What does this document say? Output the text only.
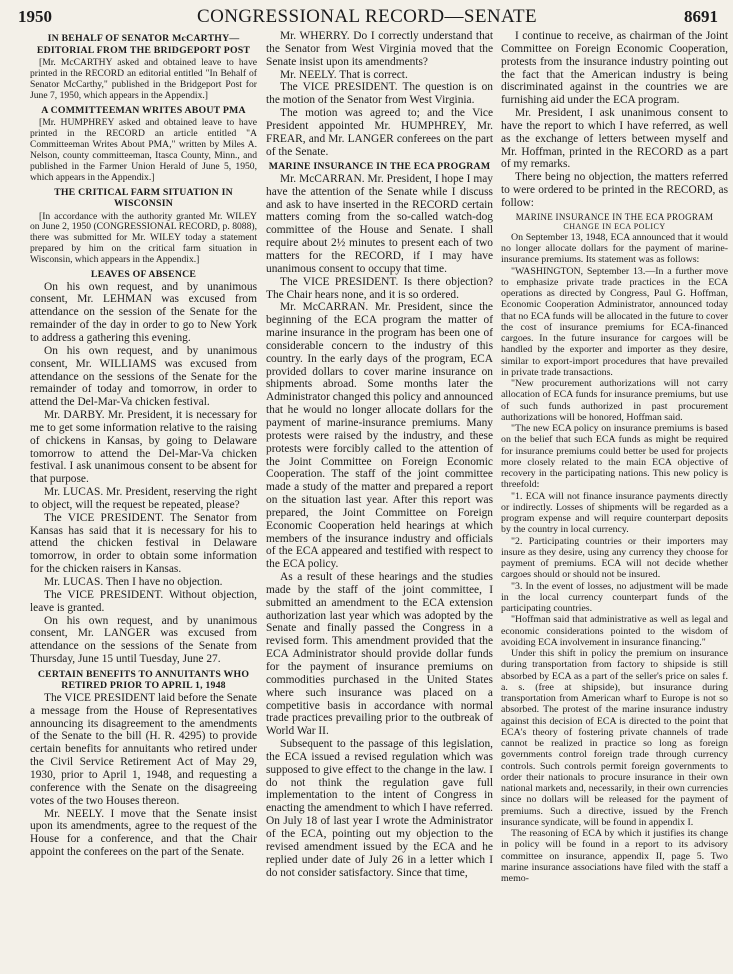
1950	CONGRESSIONAL RECORD—SENATE	8691

IN BEHALF OF SENATOR McCARTHY—EDITORIAL FROM THE BRIDGEPORT POST

[Mr. McCARTHY asked and obtained leave to have printed in the RECORD an editorial entitled "In Behalf of Senator McCarthy," published in the Bridgeport Post for June 7, 1950, which appears in the Appendix.]

A COMMITTEEMAN WRITES ABOUT PMA

[Mr. HUMPHREY asked and obtained leave to have printed in the RECORD an article entitled "A Committeeman Writes About PMA," written by Miles A. Nelson, county committeeman, Itasca County, Minn., and published in the Farmer Union Herald of June 5, 1950, which appears in the Appendix.]

THE CRITICAL FARM SITUATION IN WISCONSIN

[In accordance with the authority granted Mr. WILEY on June 2, 1950 (CONGRESSIONAL RECORD, p. 8088), there was submitted for Mr. WILEY today a statement prepared by him on the critical farm situation in Wisconsin, which appears in the Appendix.]

LEAVES OF ABSENCE

On his own request, and by unanimous consent, Mr. LEHMAN was excused from attendance on the session of the Senate for the remainder of the day in order to go to New York to address a gathering this evening.

On his own request, and by unanimous consent, Mr. WILLIAMS was excused from attendance on the sessions of the Senate for the remainder of today and tomorrow, in order to attend the Del-Mar-Va chicken festival.

Mr. DARBY. Mr. President, it is necessary for me to get some information relative to the raising of chickens in Kansas, by going to Delaware tomorrow to attend the Del-Mar-Va chicken festival. I ask unanimous consent to be absent for that purpose.

Mr. LUCAS. Mr. President, reserving the right to object, will the request be repeated, please?

The VICE PRESIDENT. The Senator from Kansas has said that it is necessary for his to attend the chicken festival in Delaware tomorrow, in order to obtain some information for the chicken raisers in Kansas.

Mr. LUCAS. Then I have no objection.

The VICE PRESIDENT. Without objection, leave is granted.

On his own request, and by unanimous consent, Mr. LANGER was excused from attendance on the sessions of the Senate from Thursday, June 15 until Tuesday, June 27.

CERTAIN BENEFITS TO ANNUITANTS WHO RETIRED PRIOR TO APRIL 1, 1948

The VICE PRESIDENT laid before the Senate a message from the House of Representatives announcing its disagreement to the amendments of the Senate to the bill (H. R. 4295) to provide certain benefits for annuitants who retired under the Civil Service Retirement Act of May 29, 1930, prior to April 1, 1948, and requesting a conference with the Senate on the disagreeing votes of the two Houses thereon.

Mr. NEELY. I move that the Senate insist upon its amendments, agree to the request of the House for a conference, and that the Chair appoint the conferees on the part of the Senate.

Mr. WHERRY. Do I correctly understand that the Senator from West Virginia moved that the Senate insist upon its amendments?

Mr. NEELY. That is correct.

The VICE PRESIDENT. The question is on the motion of the Senator from West Virginia.

The motion was agreed to; and the Vice President appointed Mr. HUMPHREY, Mr. FREAR, and Mr. LANGER conferees on the part of the Senate.

MARINE INSURANCE IN THE ECA PROGRAM

Mr. McCARRAN. Mr. President, I hope I may have the attention of the Senate while I discuss and ask to have inserted in the RECORD certain matters coming from the so-called watch-dog committee of the House and Senate. I shall require about 2½ minutes to present each of two matters for the RECORD, if I may have unanimous consent to occupy that time.

The VICE PRESIDENT. Is there objection? The Chair hears none, and it is so ordered.

Mr. McCARRAN. Mr. President, since the beginning of the ECA program the matter of marine insurance in the program has been one of considerable concern to the industry of this country. In the early days of the program, ECA provided dollars to cover marine insurance on shipments abroad. Some months later the Administrator changed this policy and announced that he would no longer allocate dollars for the payment of marine-insurance premiums. Many protests were raised by the industry, and these protests were forcibly called to the attention of the Joint Committee on Foreign Economic Cooperation. The staff of the joint committee made a study of the matter and prepared a report on the situation last year. After this report was prepared, the Joint Committee on Foreign Economic Cooperation held hearings at which members of the insurance industry and officials of the ECA appeared and testified with respect to the ECA policy.

As a result of these hearings and the studies made by the staff of the joint committee, I submitted an amendment to the ECA extension authorization last year which was adopted by the Senate and finally passed the Congress in a revised form. This amendment provided that the ECA Administrator should provide dollar funds for the payment of insurance premiums on commodities purchased in the United States where such insurance was placed on a competitive basis in accordance with normal trade practices prevailing prior to the outbreak of World War II.

Subsequent to the passage of this legislation, the ECA issued a revised regulation which was supposed to give effect to the change in the law. I do not think the regulation gave full implementation to the intent of Congress in enacting the amendment to which I have referred. On July 18 of last year I wrote the Administrator of the ECA, pointing out my objection to the revised amendment issued by the ECA and he replied under date of July 26 in a letter which I do not consider satisfactory. Since that time,

I continue to receive, as chairman of the Joint Committee on Foreign Economic Cooperation, protests from the insurance industry pointing out the fact that the American industry is being discriminated against in the countries we are furnishing aid under the ECA program.

Mr. President, I ask unanimous consent to have the report to which I have referred, as well as the exchange of letters between myself and Mr. Hoffman, printed in the RECORD as a part of my remarks.

There being no objection, the matters referred to were ordered to be printed in the RECORD, as follow:

MARINE INSURANCE IN THE ECA PROGRAM

CHANGE IN ECA POLICY

On September 13, 1948, ECA announced that it would no longer allocate dollars for the payment of marine-insurance premiums. Its statement was as follows:

"WASHINGTON, September 13.—In a further move to emphasize private trade practices in the ECA operations as directed by Congress, Paul G. Hoffman, Economic Cooperation Administrator, announced today that no ECA funds will be allocated in the future to cover the cost of insurance premiums for ECA-financed cargoes. In the future insurance for cargoes will be handled by the exporter and importer as they desire, similar to export-import procedures that have prevailed in private trade transactions.

"New procurement authorizations will not carry allocation of ECA funds for insurance premiums, but use of such funds authorized in past procurement authorizations will be honored, Hoffman said.

"The new ECA policy on insurance premiums is based on the belief that such ECA funds as might be required for insurance premiums could better be used for projects more closely related to the main ECA objective of recovery in the participating nations. This new policy is threefold:

"1. ECA will not finance insurance payments directly or indirectly. Losses of shipments will be regarded as a program expense and will require counterpart deposits by the country in local currency.

"2. Participating countries or their importers may insure as they desire, using any currency they choose for payment of premiums. ECA will not decide whether cargoes should or should not be insured.

"3. In the event of losses, no adjustment will be made in the local currency counterpart funds of the participating countries.

"Hoffman said that administrative as well as legal and economic considerations pointed to the wisdom of avoiding ECA involvement in insurance financing."

Under this shift in policy the premium on insurance during transportation from factory to shipside is still absorbed by ECA as a part of the seller's price on sales f. a. s. (free at shipside), but insurance during transportation from American wharf to Europe is not so absorbed. The protest of the marine insurance industry against this decision of ECA is directed to the point that ECA's theory of fostering private channels of trade cannot be realized in practice so long as foreign governments control foreign trade through currency controls. Such controls permit foreign governments to order their nationals to procure insurance in their own national markets and, necessarily, in their own currencies since no dollars will be released for the payment of premiums. Such a directive, issued by the French insurance syndicate, will be found in appendix I.

The reasoning of ECA by which it justifies its change in policy will be found in a report to its advisory committee on insurance, appendix II, page 5. Two marine insurance associations have filed with the staff a memo-
